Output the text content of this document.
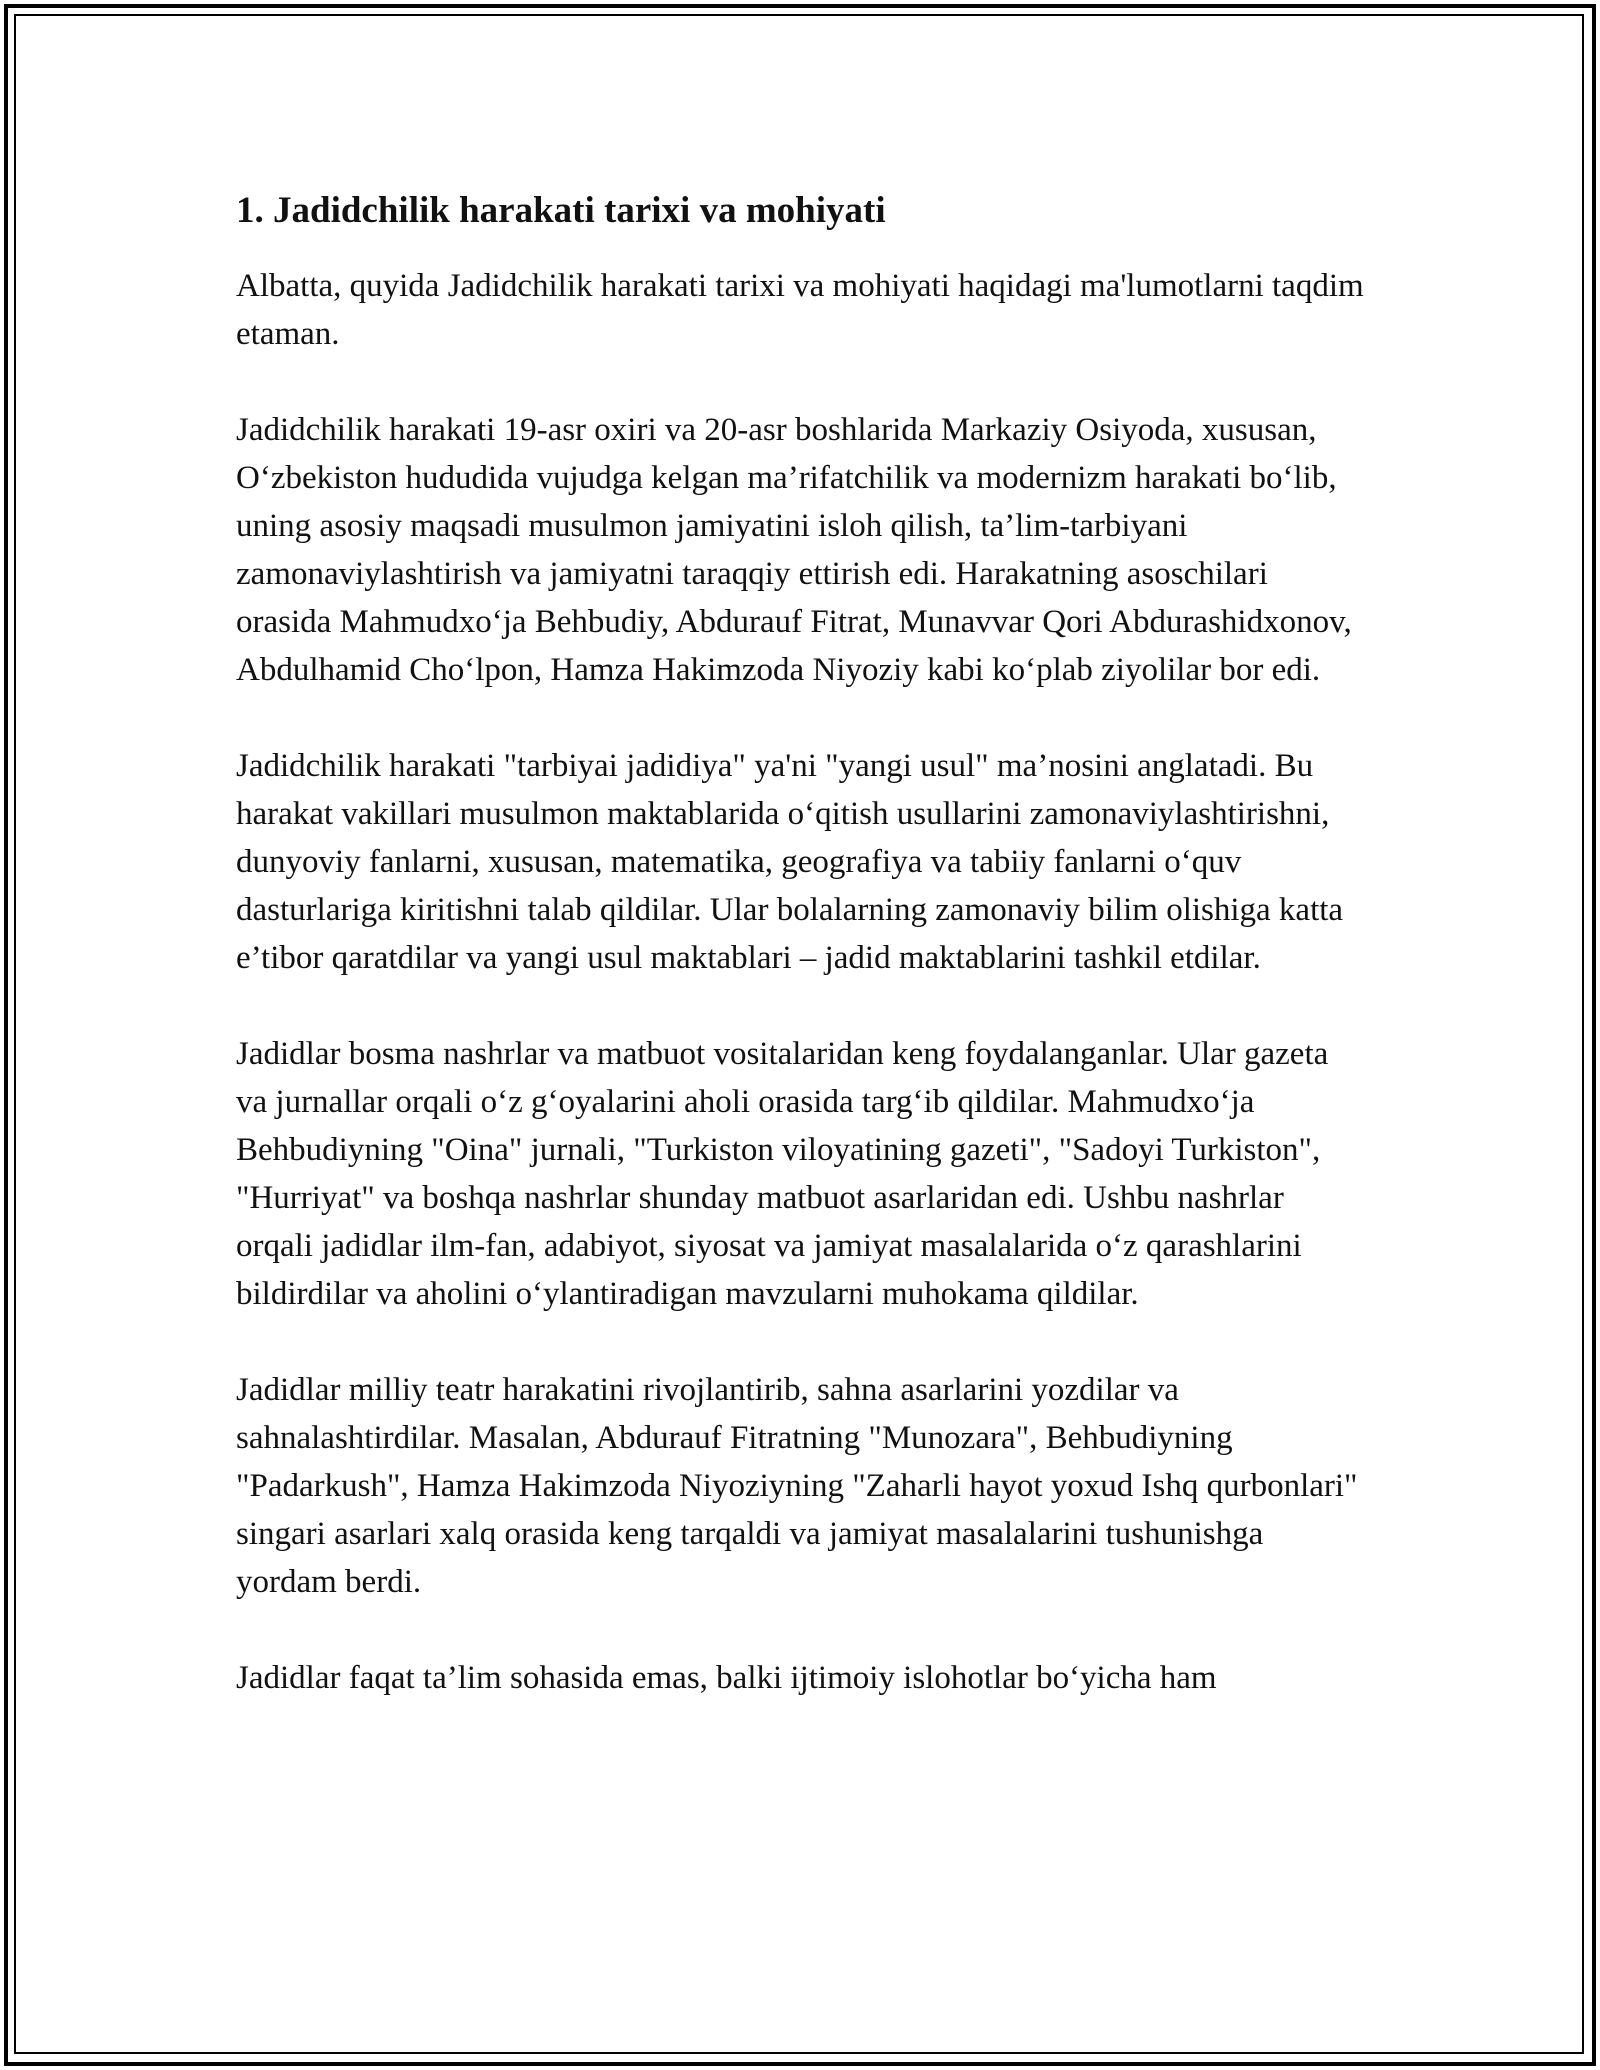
1. Jadidchilik harakati tarixi va mohiyati

Albatta, quyida Jadidchilik harakati tarixi va mohiyati haqidagi ma'lumotlarni taqdim etaman.

Jadidchilik harakati 19-asr oxiri va 20-asr boshlarida Markaziy Osiyoda, xususan, O‘zbekiston hududida vujudga kelgan ma’rifatchilik va modernizm harakati bo‘lib, uning asosiy maqsadi musulmon jamiyatini isloh qilish, ta’lim-tarbiyani zamonaviylashtirish va jamiyatni taraqqiy ettirish edi. Harakatning asoschilari orasida Mahmudxo‘ja Behbudiy, Abdurauf Fitrat, Munavvar Qori Abdurashidxonov, Abdulhamid Cho‘lpon, Hamza Hakimzoda Niyoziy kabi ko‘plab ziyolilar bor edi.

Jadidchilik harakati "tarbiyai jadidiya" ya'ni "yangi usul" ma’nosini anglatadi. Bu harakat vakillari musulmon maktablarida o‘qitish usullarini zamonaviylashtirishni, dunyoviy fanlarni, xususan, matematika, geografiya va tabiiy fanlarni o‘quv dasturlariga kiritishni talab qildilar. Ular bolalarning zamonaviy bilim olishiga katta e’tibor qaratdilar va yangi usul maktablari – jadid maktablarini tashkil etdilar.

Jadidlar bosma nashrlar va matbuot vositalaridan keng foydalanganlar. Ular gazeta va jurnallar orqali o‘z g‘oyalarini aholi orasida targ‘ib qildilar. Mahmudxo‘ja Behbudiyning "Oina" jurnali, "Turkiston viloyatining gazeti", "Sadoyi Turkiston", "Hurriyat" va boshqa nashrlar shunday matbuot asarlaridan edi. Ushbu nashrlar orqali jadidlar ilm-fan, adabiyot, siyosat va jamiyat masalalarida o‘z qarashlarini bildirdilar va aholini o‘ylantiradigan mavzularni muhokama qildilar.

Jadidlar milliy teatr harakatini rivojlantirib, sahna asarlarini yozdilar va sahnalashtirdilar. Masalan, Abdurauf Fitratning "Munozara", Behbudiyning "Padarkush", Hamza Hakimzoda Niyoziyning "Zaharli hayot yoxud Ishq qurbonlari" singari asarlari xalq orasida keng tarqaldi va jamiyat masalalarini tushunishga yordam berdi.

Jadidlar faqat ta’lim sohasida emas, balki ijtimoiy islohotlar bo‘yicha ham
